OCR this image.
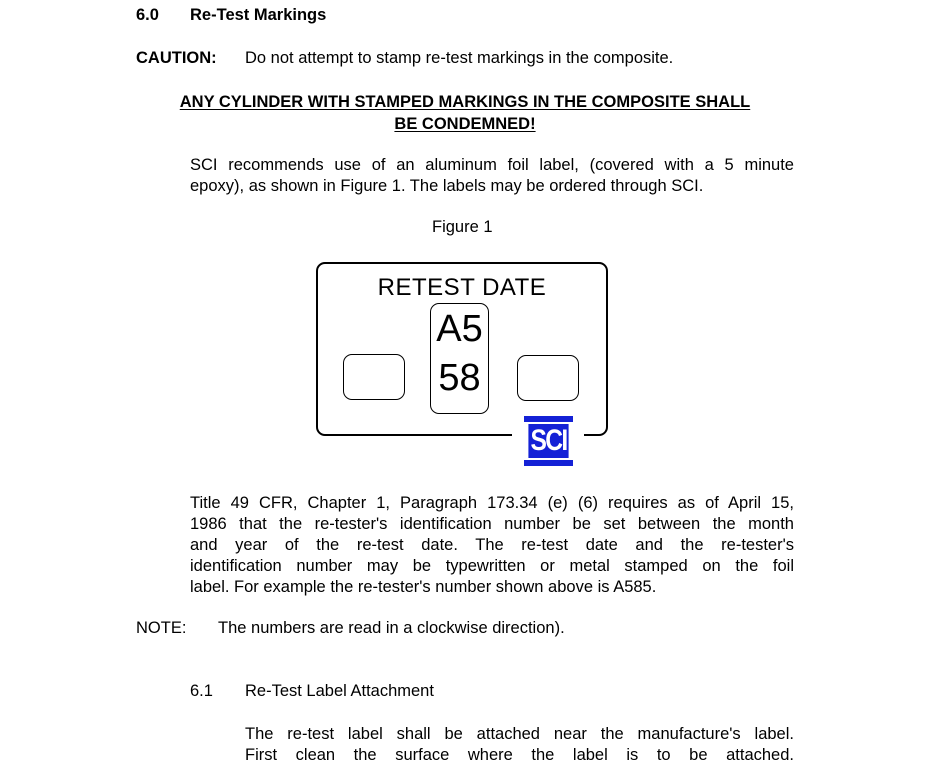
6.0 Re-Test Markings
CAUTION: Do not attempt to stamp re-test markings in the composite.
ANY CYLINDER WITH STAMPED MARKINGS IN THE COMPOSITE SHALL
BE CONDEMNED!
SCI recommends use of an aluminum foil label, (covered with a 5 minute
epoxy), as shown in Figure 1. The labels may be ordered through SCI.
Figure 1
RETEST DATE
A5
58
SCI
Title 49 CFR, Chapter 1, Paragraph 173.34 (e) (6) requires as of April 15,
1986 that the re-tester's identification number be set between the month
and year of the re-test date. The re-test date and the re-tester's
identification number may be typewritten or metal stamped on the foil
label. For example the re-tester's number shown above is A585.
NOTE: The numbers are read in a clockwise direction).
6.1 Re-Test Label Attachment
The re-test label shall be attached near the manufacture's label.
First clean the surface where the label is to be attached.
